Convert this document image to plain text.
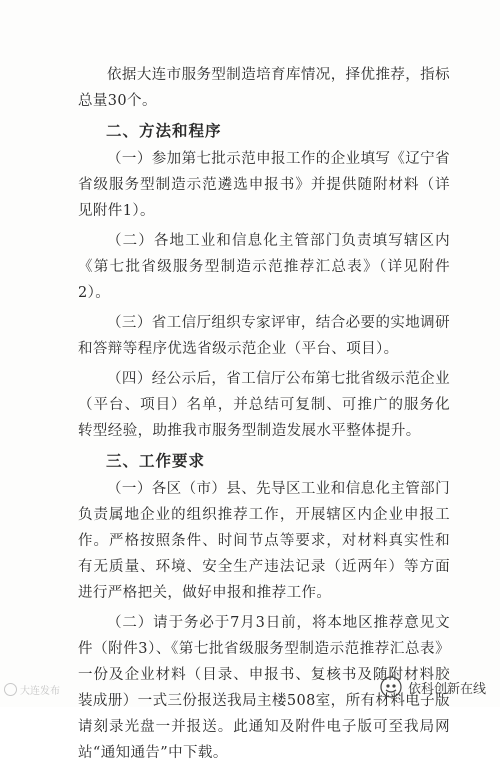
依据大连市服务型制造培育库情况，择优推荐，指标总量30个。

二、方法和程序

（一）参加第七批示范申报工作的企业填写《辽宁省省级服务型制造示范遴选申报书》并提供随附材料（详见附件1）。

（二）各地工业和信息化主管部门负责填写辖区内《第七批省级服务型制造示范推荐汇总表》（详见附件2）。

（三）省工信厅组织专家评审，结合必要的实地调研和答辩等程序优选省级示范企业（平台、项目）。

（四）经公示后，省工信厅公布第七批省级示范企业（平台、项目）名单，并总结可复制、可推广的服务化转型经验，助推我市服务型制造发展水平整体提升。

三、工作要求

（一）各区（市）县、先导区工业和信息化主管部门负责属地企业的组织推荐工作，开展辖区内企业申报工作。严格按照条件、时间节点等要求，对材料真实性和有无质量、环境、安全生产违法记录（近两年）等方面进行严格把关，做好申报和推荐工作。

（二）请于务必于7月3日前，将本地区推荐意见文件（附件3）、《第七批省级服务型制造示范推荐汇总表》一份及企业材料（目录、申报书、复核书及随附材料胶装成册）一式三份报送我局主楼508室，所有材料电子版请刻录光盘一并报送。此通知及附件电子版可至我局网站“通知通告”中下载。

大连发布	依科创新在线
